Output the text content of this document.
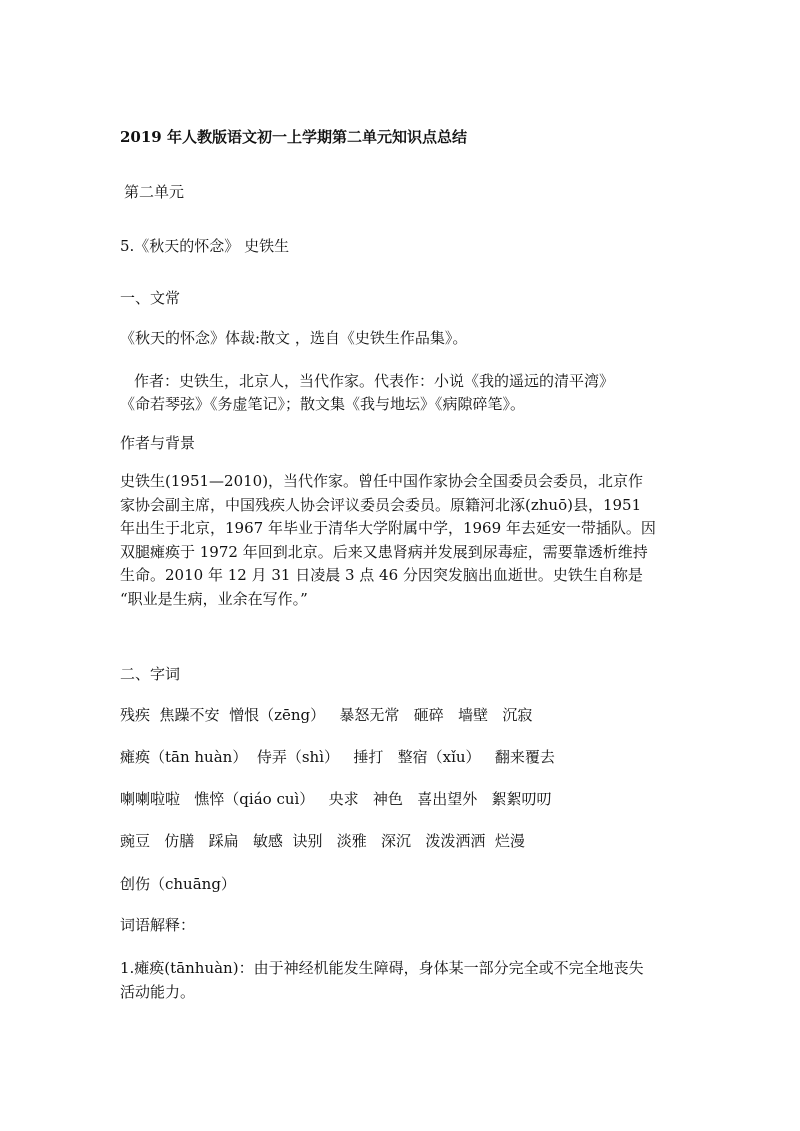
2019 年人教版语文初一上学期第二单元知识点总结
第二单元
5.《秋天的怀念》 史铁生
一、文常
《秋天的怀念》体裁:散文 ，选自《史铁生作品集》。
作者：史铁生，北京人，当代作家。代表作：小说《我的遥远的清平湾》
《命若琴弦》《务虚笔记》；散文集《我与地坛》《病隙碎笔》。
作者与背景
史铁生(1951—2010)，当代作家。曾任中国作家协会全国委员会委员，北京作
家协会副主席，中国残疾人协会评议委员会委员。原籍河北涿(zhuō)县，1951
年出生于北京，1967 年毕业于清华大学附属中学，1969 年去延安一带插队。因
双腿瘫痪于 1972 年回到北京。后来又患肾病并发展到尿毒症，需要靠透析维持
生命。2010 年 12 月 31 日凌晨 3 点 46 分因突发脑出血逝世。史铁生自称是
“职业是生病，业余在写作。”
二、字词
残疾  焦躁不安  憎恨（zēng）   暴怒无常   砸碎   墙壁   沉寂
瘫痪（tān huàn）  侍弄（shì）   捶打   整宿（xǐu）   翻来覆去
喇喇啦啦   憔悴（qiáo cuì）   央求   神色   喜出望外   絮絮叨叨
豌豆   仿膳   踩扁   敏感  诀别   淡雅   深沉   泼泼洒洒  烂漫
创伤（chuāng）
词语解释：
1.瘫痪(tānhuàn)：由于神经机能发生障碍，身体某一部分完全或不完全地丧失
活动能力。
